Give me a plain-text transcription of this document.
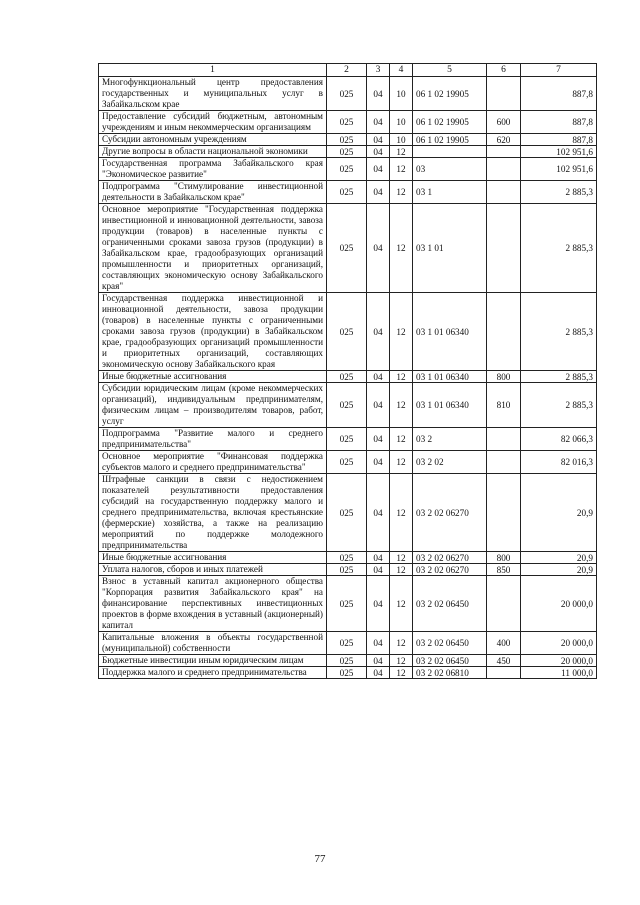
1	2	3	4	5	6	7
Многофункциональный центр предоставления государственных и муниципальных услуг в Забайкальском крае	025	04	10	06 1 02 19905		887,8
Предоставление субсидий бюджетным, автономным учреждениям и иным некоммерческим организациям	025	04	10	06 1 02 19905	600	887,8
Субсидии автономным учреждениям	025	04	10	06 1 02 19905	620	887,8
Другие вопросы в области национальной экономики	025	04	12			102 951,6
Государственная программа Забайкальского края "Экономическое развитие"	025	04	12	03		102 951,6
Подпрограмма "Стимулирование инвестиционной деятельности в Забайкальском крае"	025	04	12	03 1		2 885,3
Основное мероприятие "Государственная поддержка инвестиционной и инновационной деятельности, завоза продукции (товаров) в населенные пункты с ограниченными сроками завоза грузов (продукции) в Забайкальском крае, градообразующих организаций промышленности и приоритетных организаций, составляющих экономическую основу Забайкальского края"	025	04	12	03 1 01		2 885,3
Государственная поддержка инвестиционной и инновационной деятельности, завоза продукции (товаров) в населенные пункты с ограниченными сроками завоза грузов (продукции) в Забайкальском крае, градообразующих организаций промышленности и приоритетных организаций, составляющих экономическую основу Забайкальского края	025	04	12	03 1 01 06340		2 885,3
Иные бюджетные ассигнования	025	04	12	03 1 01 06340	800	2 885,3
Субсидии юридическим лицам (кроме некоммерческих организаций), индивидуальным предпринимателям, физическим лицам – производителям товаров, работ, услуг	025	04	12	03 1 01 06340	810	2 885,3
Подпрограмма "Развитие малого и среднего предпринимательства"	025	04	12	03 2		82 066,3
Основное мероприятие "Финансовая поддержка субъектов малого и среднего предпринимательства"	025	04	12	03 2 02		82 016,3
Штрафные санкции в связи с недостижением показателей результативности предоставления субсидий на государственную поддержку малого и среднего предпринимательства, включая крестьянские (фермерские) хозяйства, а также на реализацию мероприятий по поддержке молодежного предпринимательства	025	04	12	03 2 02 06270		20,9
Иные бюджетные ассигнования	025	04	12	03 2 02 06270	800	20,9
Уплата налогов, сборов и иных платежей	025	04	12	03 2 02 06270	850	20,9
Взнос в уставный капитал акционерного общества "Корпорация развития Забайкальского края" на финансирование перспективных инвестиционных проектов в форме вхождения в уставный (акционерный) капитал	025	04	12	03 2 02 06450		20 000,0
Капитальные вложения в объекты государственной (муниципальной) собственности	025	04	12	03 2 02 06450	400	20 000,0
Бюджетные инвестиции иным юридическим лицам	025	04	12	03 2 02 06450	450	20 000,0
Поддержка малого и среднего предпринимательства	025	04	12	03 2 02 06810		11 000,0
77
